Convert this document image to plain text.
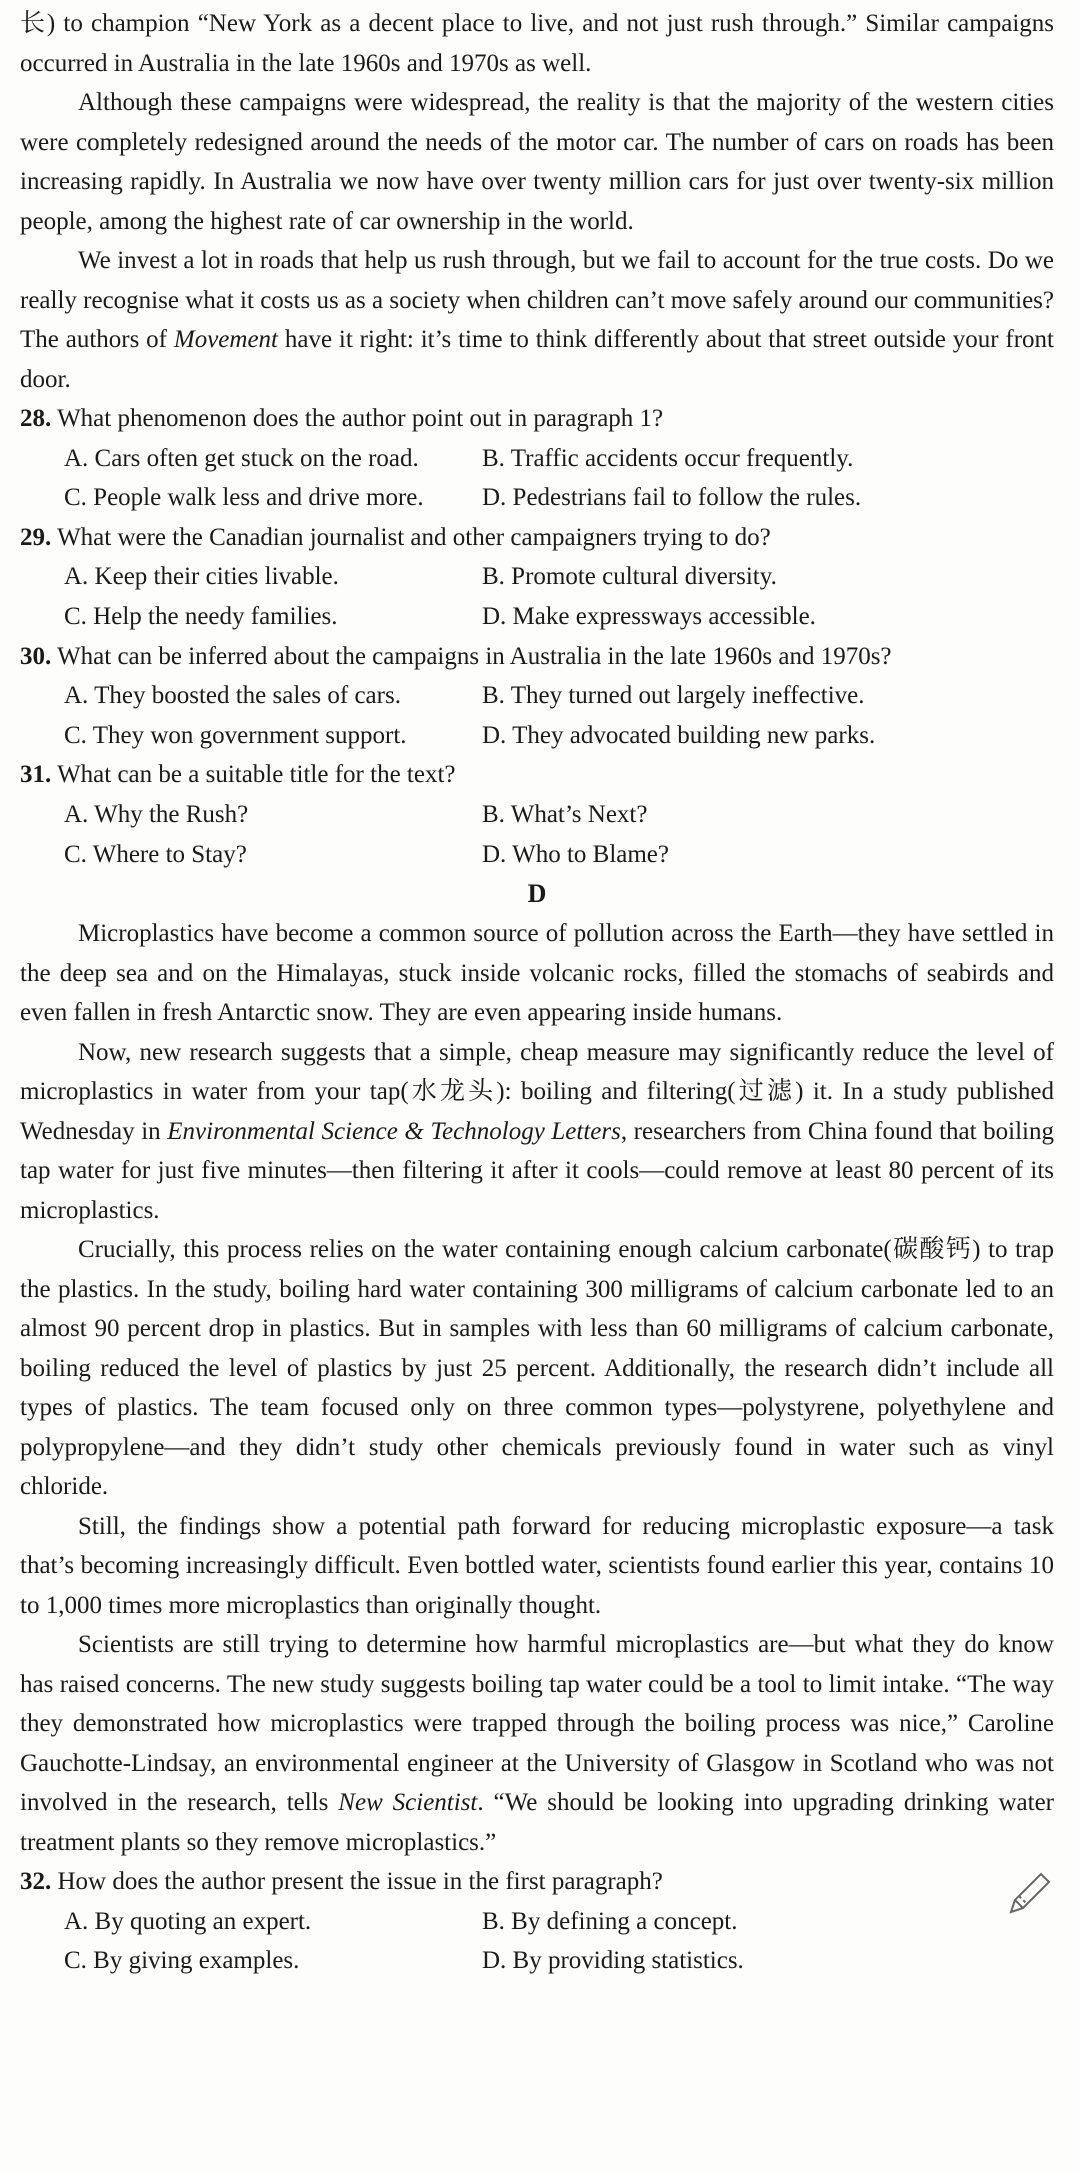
长) to champion “New York as a decent place to live, and not just rush through.” Similar campaigns occurred in Australia in the late 1960s and 1970s as well.

Although these campaigns were widespread, the reality is that the majority of the western cities were completely redesigned around the needs of the motor car. The number of cars on roads has been increasing rapidly. In Australia we now have over twenty million cars for just over twenty-six million people, among the highest rate of car ownership in the world.

We invest a lot in roads that help us rush through, but we fail to account for the true costs. Do we really recognise what it costs us as a society when children can’t move safely around our communities? The authors of Movement have it right: it’s time to think differently about that street outside your front door.

28. What phenomenon does the author point out in paragraph 1?
A. Cars often get stuck on the road.	B. Traffic accidents occur frequently.
C. People walk less and drive more.	D. Pedestrians fail to follow the rules.
29. What were the Canadian journalist and other campaigners trying to do?
A. Keep their cities livable.	B. Promote cultural diversity.
C. Help the needy families.	D. Make expressways accessible.
30. What can be inferred about the campaigns in Australia in the late 1960s and 1970s?
A. They boosted the sales of cars.	B. They turned out largely ineffective.
C. They won government support.	D. They advocated building new parks.
31. What can be a suitable title for the text?
A. Why the Rush?	B. What’s Next?
C. Where to Stay?	D. Who to Blame?
D

Microplastics have become a common source of pollution across the Earth—they have settled in the deep sea and on the Himalayas, stuck inside volcanic rocks, filled the stomachs of seabirds and even fallen in fresh Antarctic snow. They are even appearing inside humans.

Now, new research suggests that a simple, cheap measure may significantly reduce the level of microplastics in water from your tap(水龙头): boiling and filtering(过滤) it. In a study published Wednesday in Environmental Science & Technology Letters, researchers from China found that boiling tap water for just five minutes—then filtering it after it cools—could remove at least 80 percent of its microplastics.

Crucially, this process relies on the water containing enough calcium carbonate(碳酸钙) to trap the plastics. In the study, boiling hard water containing 300 milligrams of calcium carbonate led to an almost 90 percent drop in plastics. But in samples with less than 60 milligrams of calcium carbonate, boiling reduced the level of plastics by just 25 percent. Additionally, the research didn’t include all types of plastics. The team focused only on three common types—polystyrene, polyethylene and polypropylene—and they didn’t study other chemicals previously found in water such as vinyl chloride.

Still, the findings show a potential path forward for reducing microplastic exposure—a task that’s becoming increasingly difficult. Even bottled water, scientists found earlier this year, contains 10 to 1,000 times more microplastics than originally thought.

Scientists are still trying to determine how harmful microplastics are—but what they do know has raised concerns. The new study suggests boiling tap water could be a tool to limit intake. “The way they demonstrated how microplastics were trapped through the boiling process was nice,” Caroline Gauchotte-Lindsay, an environmental engineer at the University of Glasgow in Scotland who was not involved in the research, tells New Scientist. “We should be looking into upgrading drinking water treatment plants so they remove microplastics.”

32. How does the author present the issue in the first paragraph?
A. By quoting an expert.	B. By defining a concept.
C. By giving examples.	D. By providing statistics.
